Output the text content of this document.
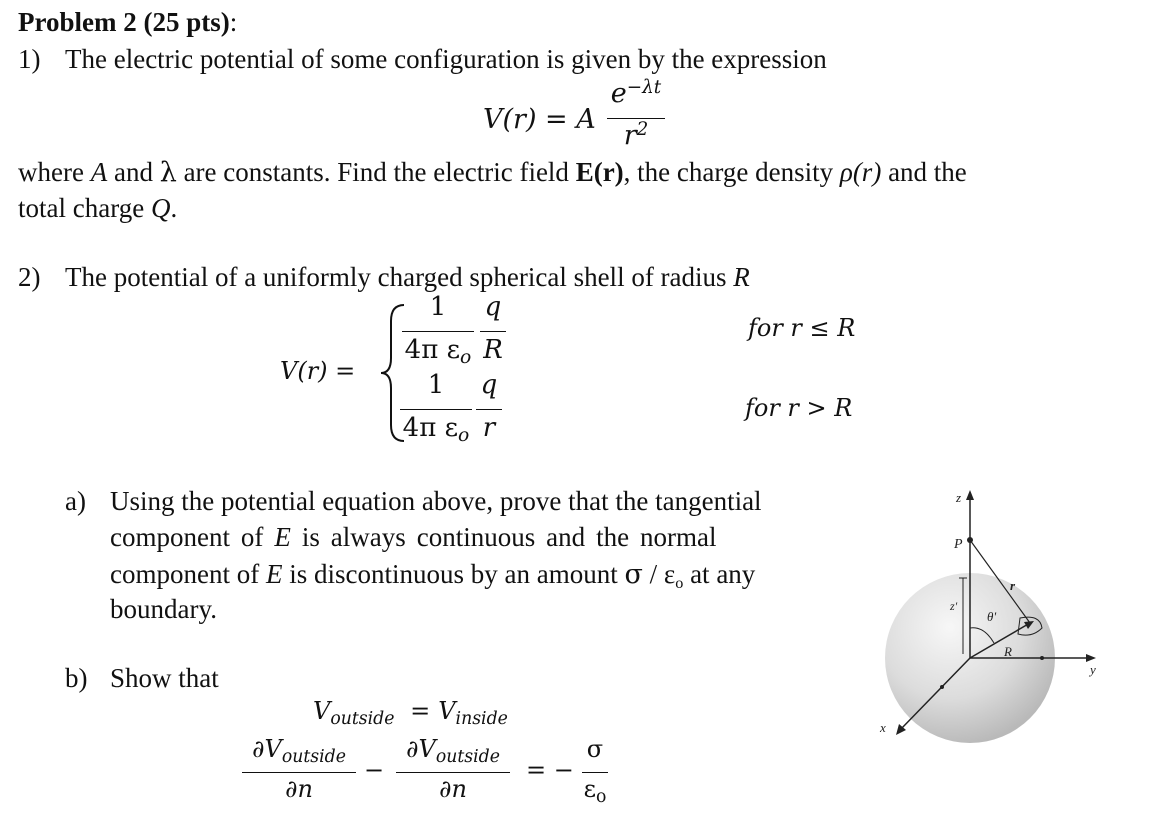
Problem 2 (25 pts):
1) The electric potential of some configuration is given by the expression
V(r) = A
$e^{-\lambda t}$
$r^2$
where A and λ are constants. Find the electric field E(r), the charge density ρ(r) and the
total charge Q.
2) The potential of a uniformly charged spherical shell of radius R
V(r) =
1
4π $\varepsilon_o$
q
R
for r ≤ R
1
4π $\varepsilon_o$
q
r
for r > R
a) Using the potential equation above, prove that the tangential
component of E is always continuous and the normal
component of E is discontinuous by an amount σ / εo at any
boundary.
b) Show that
$V_{outside} = V_{inside}$
$\partial V_{outside}$
∂n
−
$\partial V_{outside}$
∂n
= −
σ
$\varepsilon_o$
z
P
z'
θ'
r
R
y
x
